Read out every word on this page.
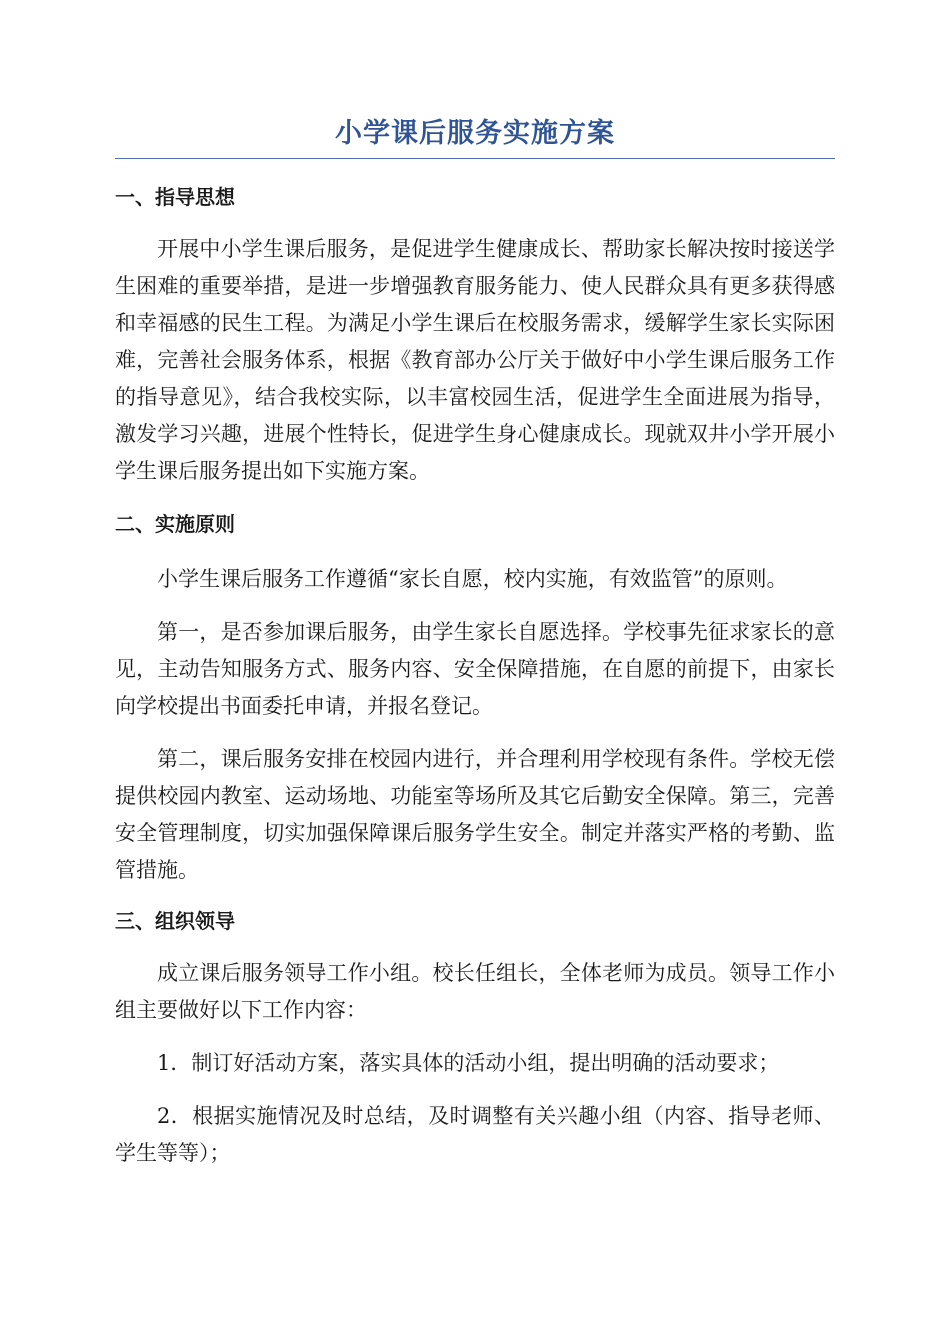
小学课后服务实施方案
一、指导思想

开展中小学生课后服务，是促进学生健康成长、帮助家长解决按时接送学生困难的重要举措，是进一步增强教育服务能力、使人民群众具有更多获得感和幸福感的民生工程。为满足小学生课后在校服务需求，缓解学生家长实际困难，完善社会服务体系，根据《教育部办公厅关于做好中小学生课后服务工作的指导意见》，结合我校实际，以丰富校园生活，促进学生全面进展为指导，激发学习兴趣，进展个性特长，促进学生身心健康成长。现就双井小学开展小学生课后服务提出如下实施方案。

二、实施原则

小学生课后服务工作遵循“家长自愿，校内实施，有效监管”的原则。

第一，是否参加课后服务，由学生家长自愿选择。学校事先征求家长的意见，主动告知服务方式、服务内容、安全保障措施，在自愿的前提下，由家长向学校提出书面委托申请，并报名登记。

第二，课后服务安排在校园内进行，并合理利用学校现有条件。学校无偿提供校园内教室、运动场地、功能室等场所及其它后勤安全保障。第三，完善安全管理制度，切实加强保障课后服务学生安全。制定并落实严格的考勤、监管措施。

三、组织领导

成立课后服务领导工作小组。校长任组长，全体老师为成员。领导工作小组主要做好以下工作内容：

1．制订好活动方案，落实具体的活动小组，提出明确的活动要求；

2．根据实施情况及时总结，及时调整有关兴趣小组（内容、指导老师、学生等等）；
